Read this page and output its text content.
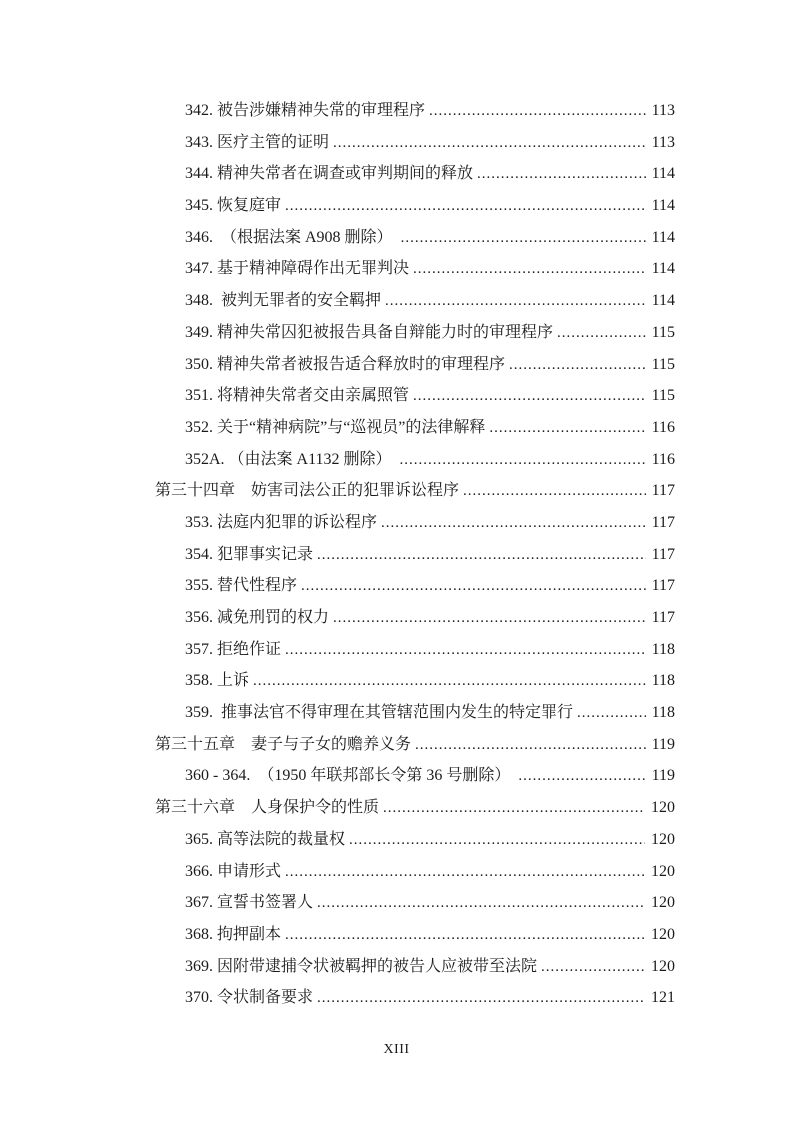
342. 被告涉嫌精神失常的审理程序 .....	113
343. 医疗主管的证明 .....	113
344. 精神失常者在调查或审判期间的释放 .....	114
345. 恢复庭审 .....	114
346.  （根据法案 A908 删除） .....	114
347. 基于精神障碍作出无罪判决 .....	114
348.  被判无罪者的安全羁押 .....	114
349. 精神失常囚犯被报告具备自辩能力时的审理程序 .....	115
350. 精神失常者被报告适合释放时的审理程序 .....	115
351. 将精神失常者交由亲属照管 .....	115
352. 关于“精神病院”与“巡视员”的法律解释 .....	116
352A. （由法案 A1132 删除） .....	116
第三十四章　妨害司法公正的犯罪诉讼程序 .....	117
353. 法庭内犯罪的诉讼程序 .....	117
354. 犯罪事实记录 .....	117
355. 替代性程序 .....	117
356. 减免刑罚的权力 .....	117
357. 拒绝作证 .....	118
358. 上诉 .....	118
359.  推事法官不得审理在其管辖范围内发生的特定罪行 .....	118
第三十五章　妻子与子女的赡养义务 .....	119
360 - 364.  （1950 年联邦部长令第 36 号删除） .....	119
第三十六章　人身保护令的性质 .....	120
365. 高等法院的裁量权 .....	120
366. 申请形式 .....	120
367. 宣誓书签署人 .....	120
368. 拘押副本 .....	120
369. 因附带逮捕令状被羁押的被告人应被带至法院 .....	120
370. 令状制备要求 .....	121
XIII
